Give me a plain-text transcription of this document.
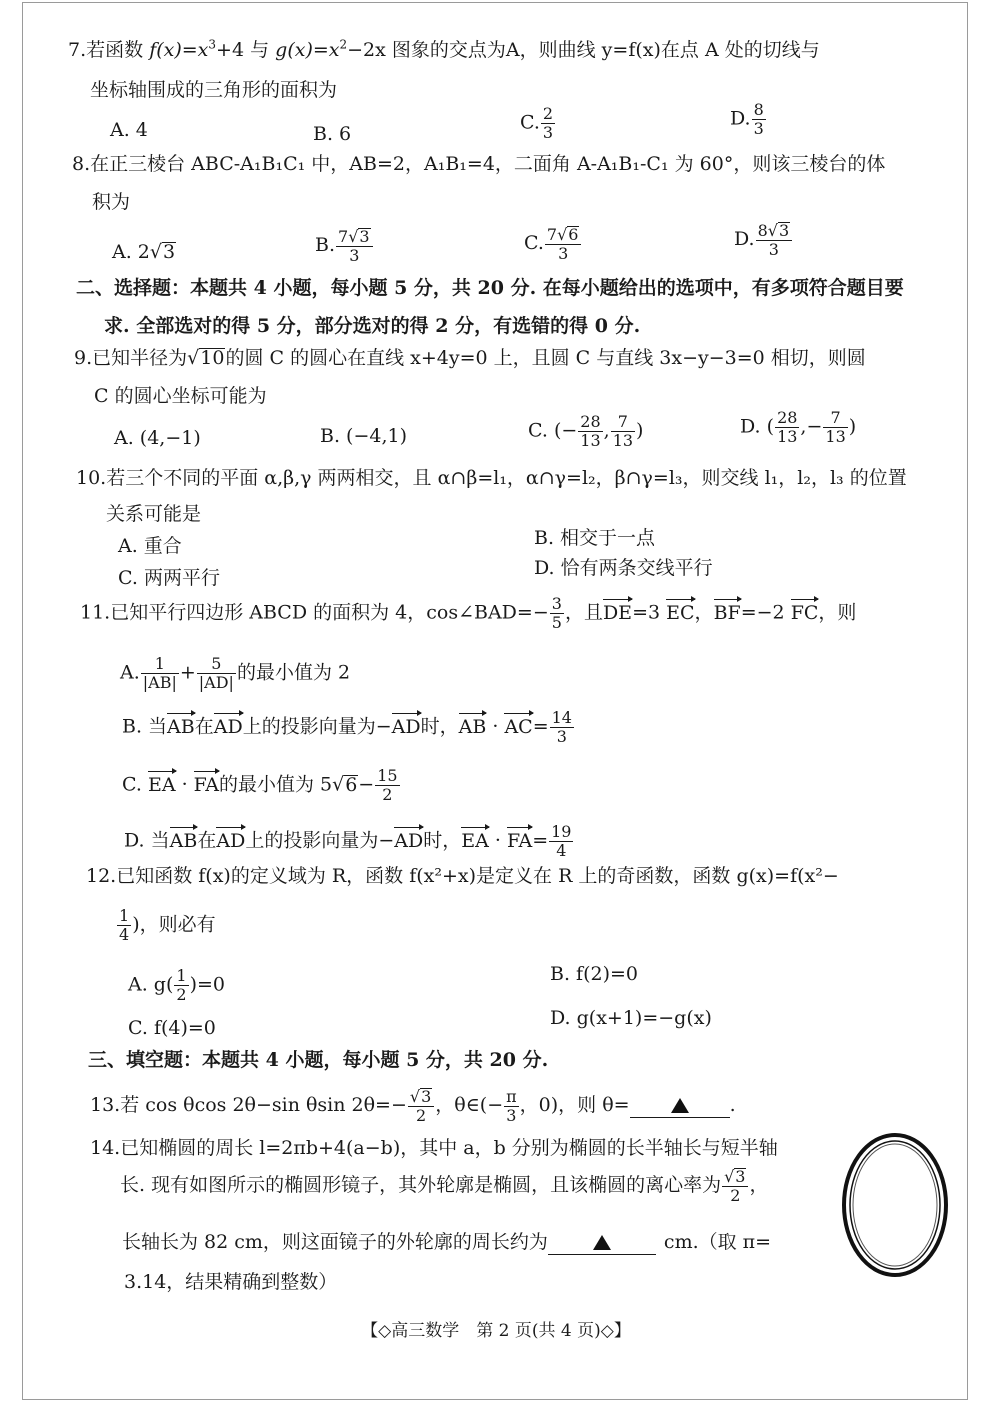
7.若函数 $f(x)=x^3+4$ 与 $g(x)=x^2-2x$ 图象的交点为A，则曲线 y=f(x)在点 A 处的切线与
坐标轴围成的三角形的面积为
A. 4	B. 6
C. $\frac{2}{3}$	D. $\frac{8}{3}$
8.在正三棱台 ABC-A₁B₁C₁ 中，AB=2，A₁B₁=4，二面角 A-A₁B₁-C₁ 为 60°，则该三棱台的体
积为
A. 2√3	B. $\frac{7√3}{3}$	C. $\frac{7√6}{3}$	D. $\frac{8√3}{3}$
二、选择题：本题共 4 小题，每小题 5 分，共 20 分. 在每小题给出的选项中，有多项符合题目要
求. 全部选对的得 5 分，部分选对的得 2 分，有选错的得 0 分.
9.已知半径为√10的圆 C 的圆心在直线 x+4y=0 上，且圆 C 与直线 3x−y−3=0 相切，则圆
C 的圆心坐标可能为
A. (4,−1)	B. (−4,1)	C. (− $\frac{28}{13}$ , $\frac{7}{13}$ )	D. ( $\frac{28}{13}$ ,− $\frac{7}{13}$ )
10.若三个不同的平面 α,β,γ 两两相交，且 α∩β=l₁，α∩γ=l₂，β∩γ=l₃，则交线 l₁，l₂，l₃ 的位置
关系可能是
A. 重合	B. 相交于一点
C. 两两平行	D. 恰有两条交线平行
11.已知平行四边形 ABCD 的面积为 4，cos∠BAD=− $\frac{3}{5}$ ，且DE=3 EC，BF=−2 FC，则
A. $\frac{1}{|AB|} + \frac{5}{|AD|}$ 的最小值为 2
B. 当AB在AD上的投影向量为−AD时，AB · $AC= \frac{14}{3}$
C. EA · FA的最小值为 $5√6- \frac{15}{2}$
D. 当AB在AD上的投影向量为−AD时，EA · $FA= \frac{19}{4}$
12.已知函数 f(x)的定义域为 R，函数 f(x²+x)是定义在 R 上的奇函数，函数 g(x)=f(x²−
$\frac{1}{4}$ )，则必有
A. $g( \frac{1}{2} )=0$	B. f(2)=0
C. f(4)=0	D. g(x+1)=−g(x)
三、填空题：本题共 4 小题，每小题 5 分，共 20 分.
13.若 cos θcos 2θ−sin θsin $2\theta=- \frac{√3}{2}$ ，θ∈(− $\frac{\pi}{3}$ ，0)，则 θ=	.
14.已知椭圆的周长 l=2πb+4(a−b)，其中 a，b 分别为椭圆的长半轴长与短半轴
长. 现有如图所示的椭圆形镜子，其外轮廓是椭圆，且该椭圆的离心率为 $\frac{√3}{2}$ ，
长轴长为 82 cm，则这面镜子的外轮廓的周长约为	cm.（取 π=
3.14，结果精确到整数）
【◇高三数学　第 2 页(共 4 页)◇】
